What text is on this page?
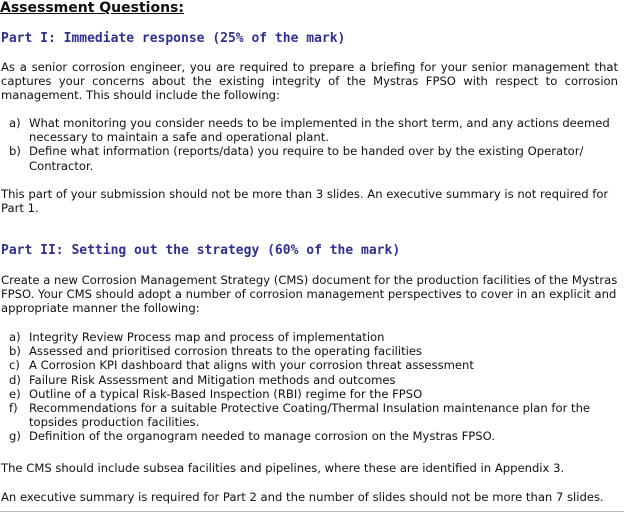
Assessment Questions:
Part I: Immediate response (25% of the mark)
As a senior corrosion engineer, you are required to prepare a briefing for your senior management that captures your concerns about the existing integrity of the Mystras FPSO with respect to corrosion management. This should include the following:
a) What monitoring you consider needs to be implemented in the short term, and any actions deemed necessary to maintain a safe and operational plant.
b) Define what information (reports/data) you require to be handed over by the existing Operator/ Contractor.
This part of your submission should not be more than 3 slides. An executive summary is not required for Part 1.
Part II: Setting out the strategy (60% of the mark)
Create a new Corrosion Management Strategy (CMS) document for the production facilities of the Mystras FPSO. Your CMS should adopt a number of corrosion management perspectives to cover in an explicit and appropriate manner the following:
a) Integrity Review Process map and process of implementation
b) Assessed and prioritised corrosion threats to the operating facilities
c) A Corrosion KPI dashboard that aligns with your corrosion threat assessment
d) Failure Risk Assessment and Mitigation methods and outcomes
e) Outline of a typical Risk-Based Inspection (RBI) regime for the FPSO
f) Recommendations for a suitable Protective Coating/Thermal Insulation maintenance plan for the topsides production facilities.
g) Definition of the organogram needed to manage corrosion on the Mystras FPSO.
The CMS should include subsea facilities and pipelines, where these are identified in Appendix 3.
An executive summary is required for Part 2 and the number of slides should not be more than 7 slides.
